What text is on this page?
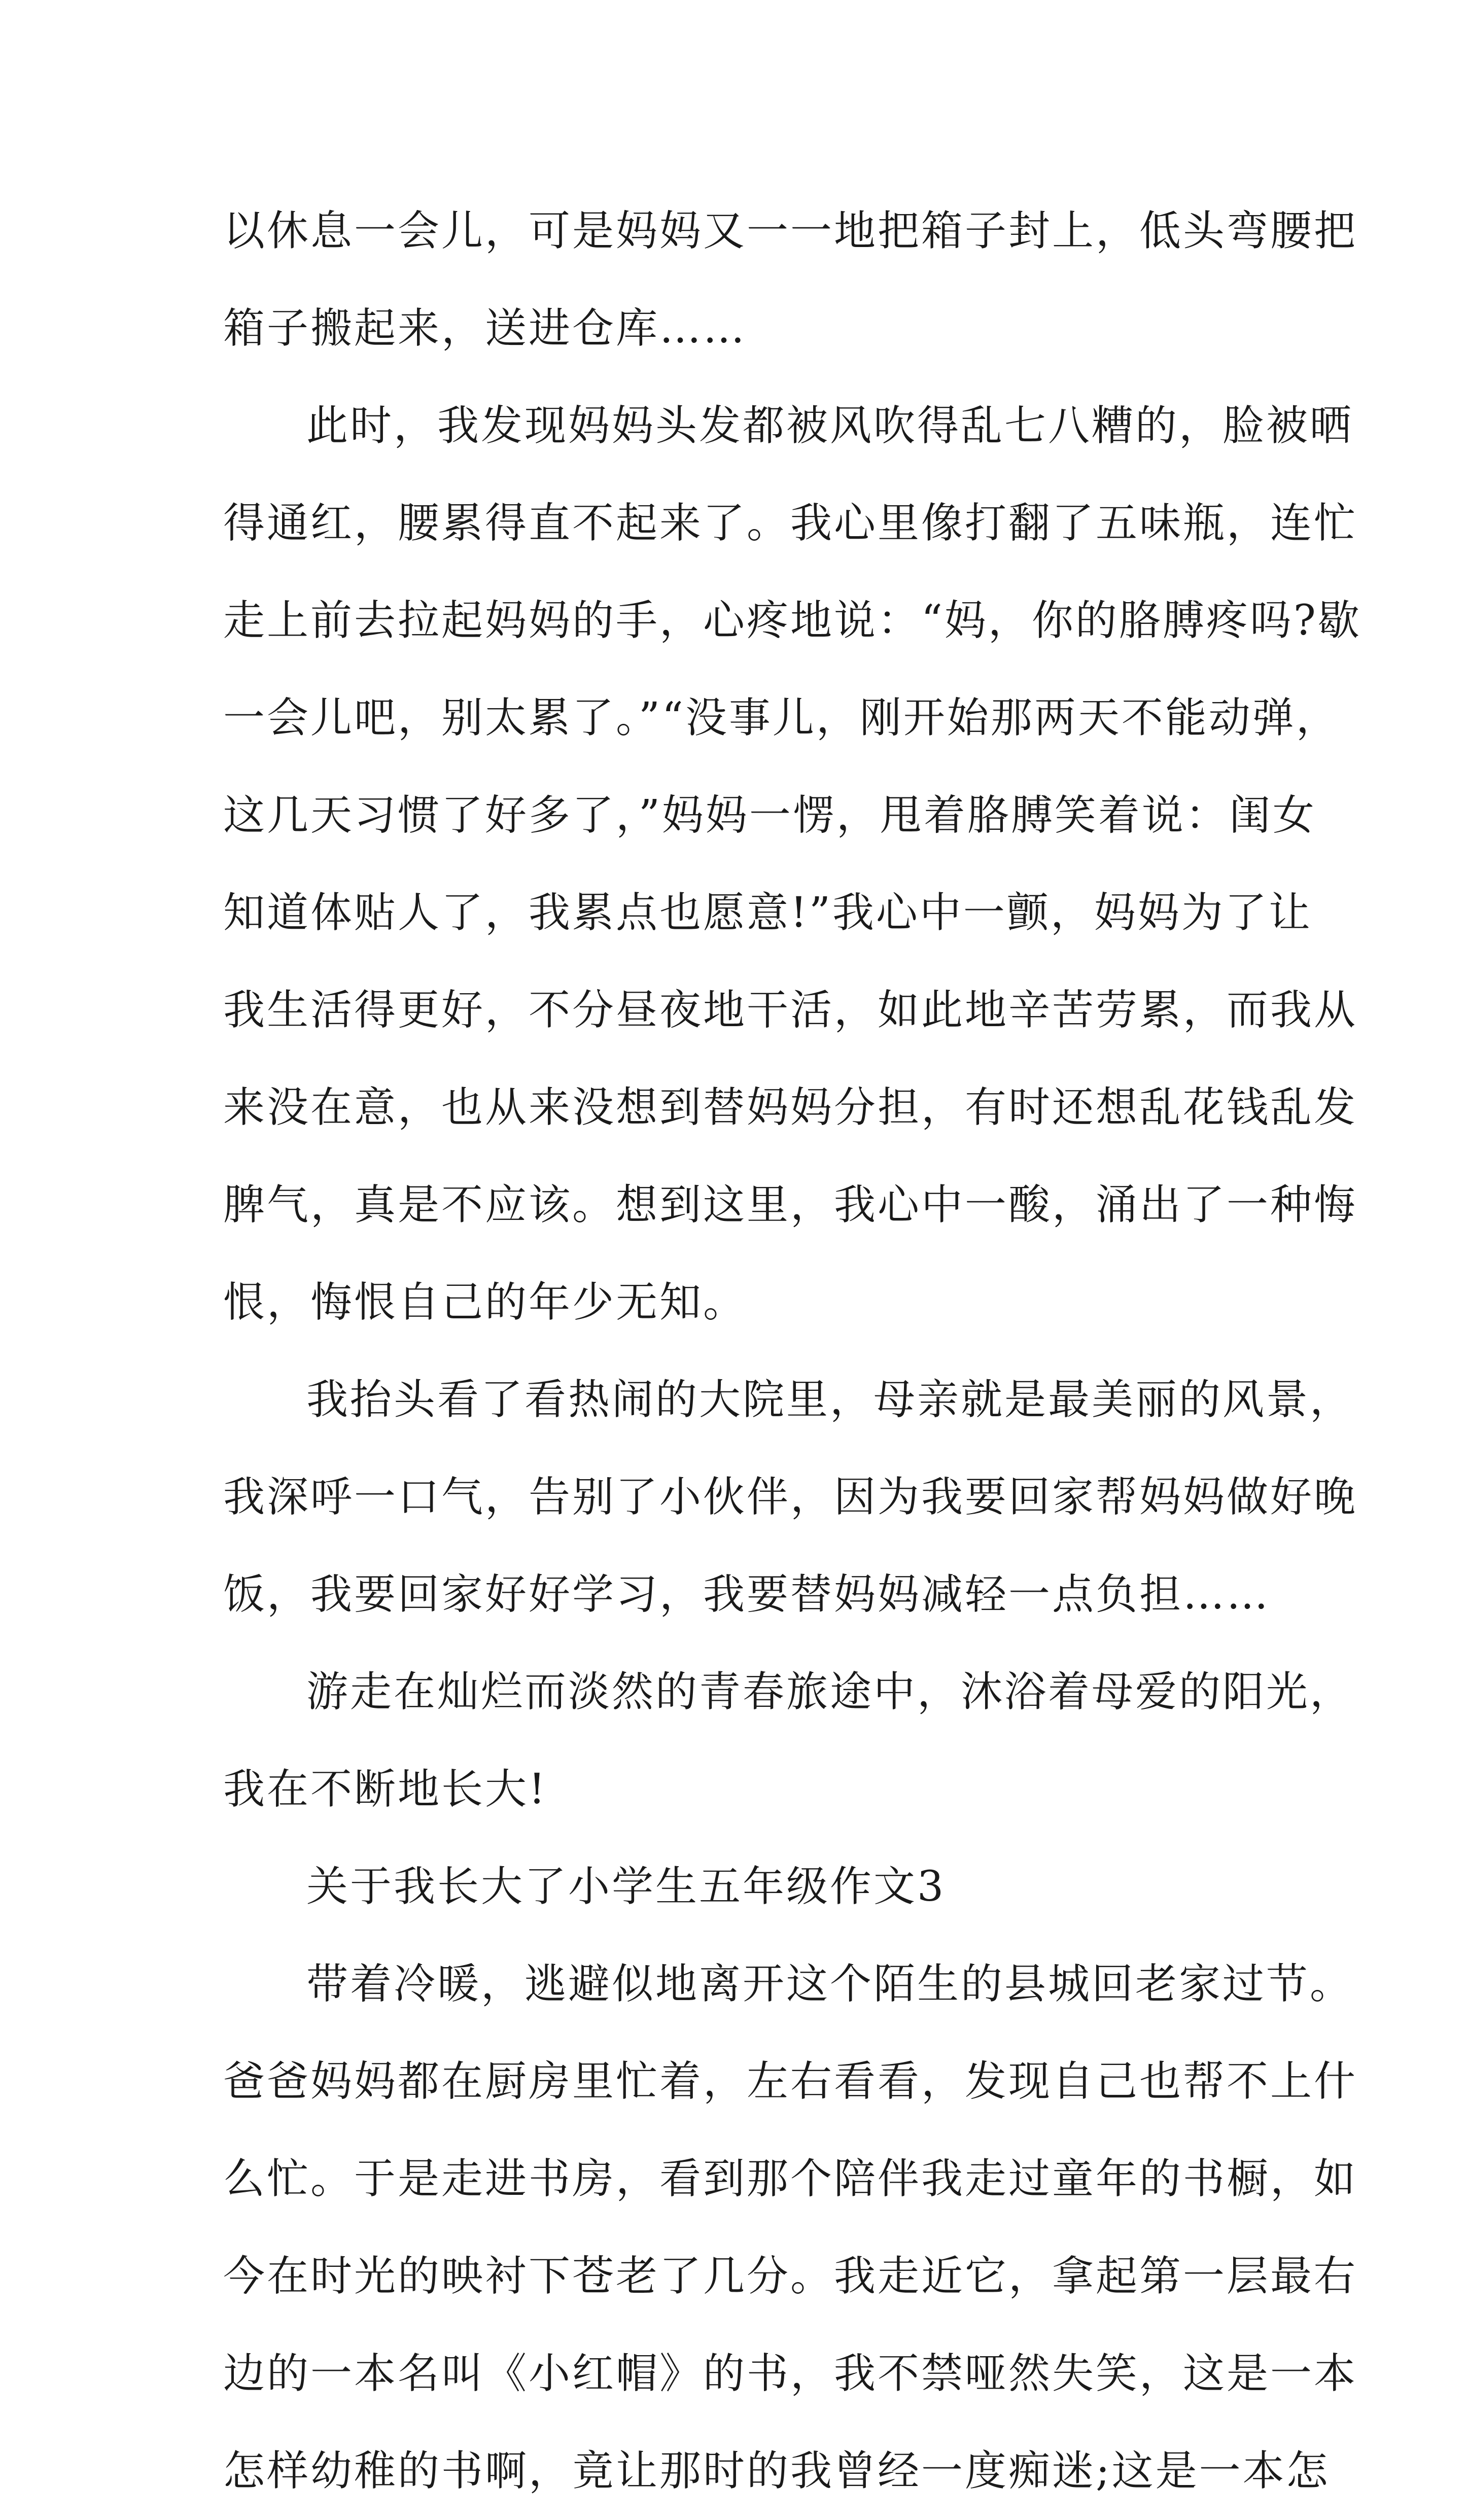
以休息一会儿，可是妈妈又一一地把箱子封上，低头弯腰把
箱子搬起来，送进仓库……
此时，我发现妈妈头发都被风吹得乱七八糟的，脸被晒
得通红，腰累得直不起来了。我心里像打翻了五味瓶，连忙
走上前去拉起妈妈的手，心疼地说：“妈，你的胳膊疼吗?歇
一会儿吧，别太累了。”“没事儿，刚开始那两天不能动弹，
这几天习惯了好多了，”妈妈一愣，甩着胳膊笑着说：闺女
知道体贴人了，我累点也愿意!”我心中一颤，妈妈为了让
我生活得更好，不分昼夜地干活，如此地辛苦劳累，而我从
来没在意，也从来没想到替妈妈分担，有时还想乱花钱乱发
脾气，真是不应该。想到这里，我心中一酸，涌出了一种悔
恨，悔恨自己的年少无知。
我抬头看了看热闹的大院里，母亲就是最美丽的风景，
我深呼一口气，告别了小伙伴，因为我要回家帮妈妈做好晚
饭，我要回家好好学习，我要替妈妈减轻一点负担……
游走在灿烂而淡然的青春旅途中，沐浴着母爱的阳光，
我在不断地长大!
关于我长大了小学生五年级作文3
带着冷暖，逃避似地离开这个陌生的县城回老家过节。
爸爸妈妈都在厨房里忙着，左右看看，发现自己也帮不上什
么忙。于是走进书房，看到那个陪伴我走过童年的书橱，如
今在时光的映衬下苍老了几分。我走近它，拿起第一层最右
边的一本名叫《小红帽》的书，我不禁哑然失笑，这是一本
怎样幼稚的书啊，竟让那时的我曾经一度痴迷;这是一本怎
